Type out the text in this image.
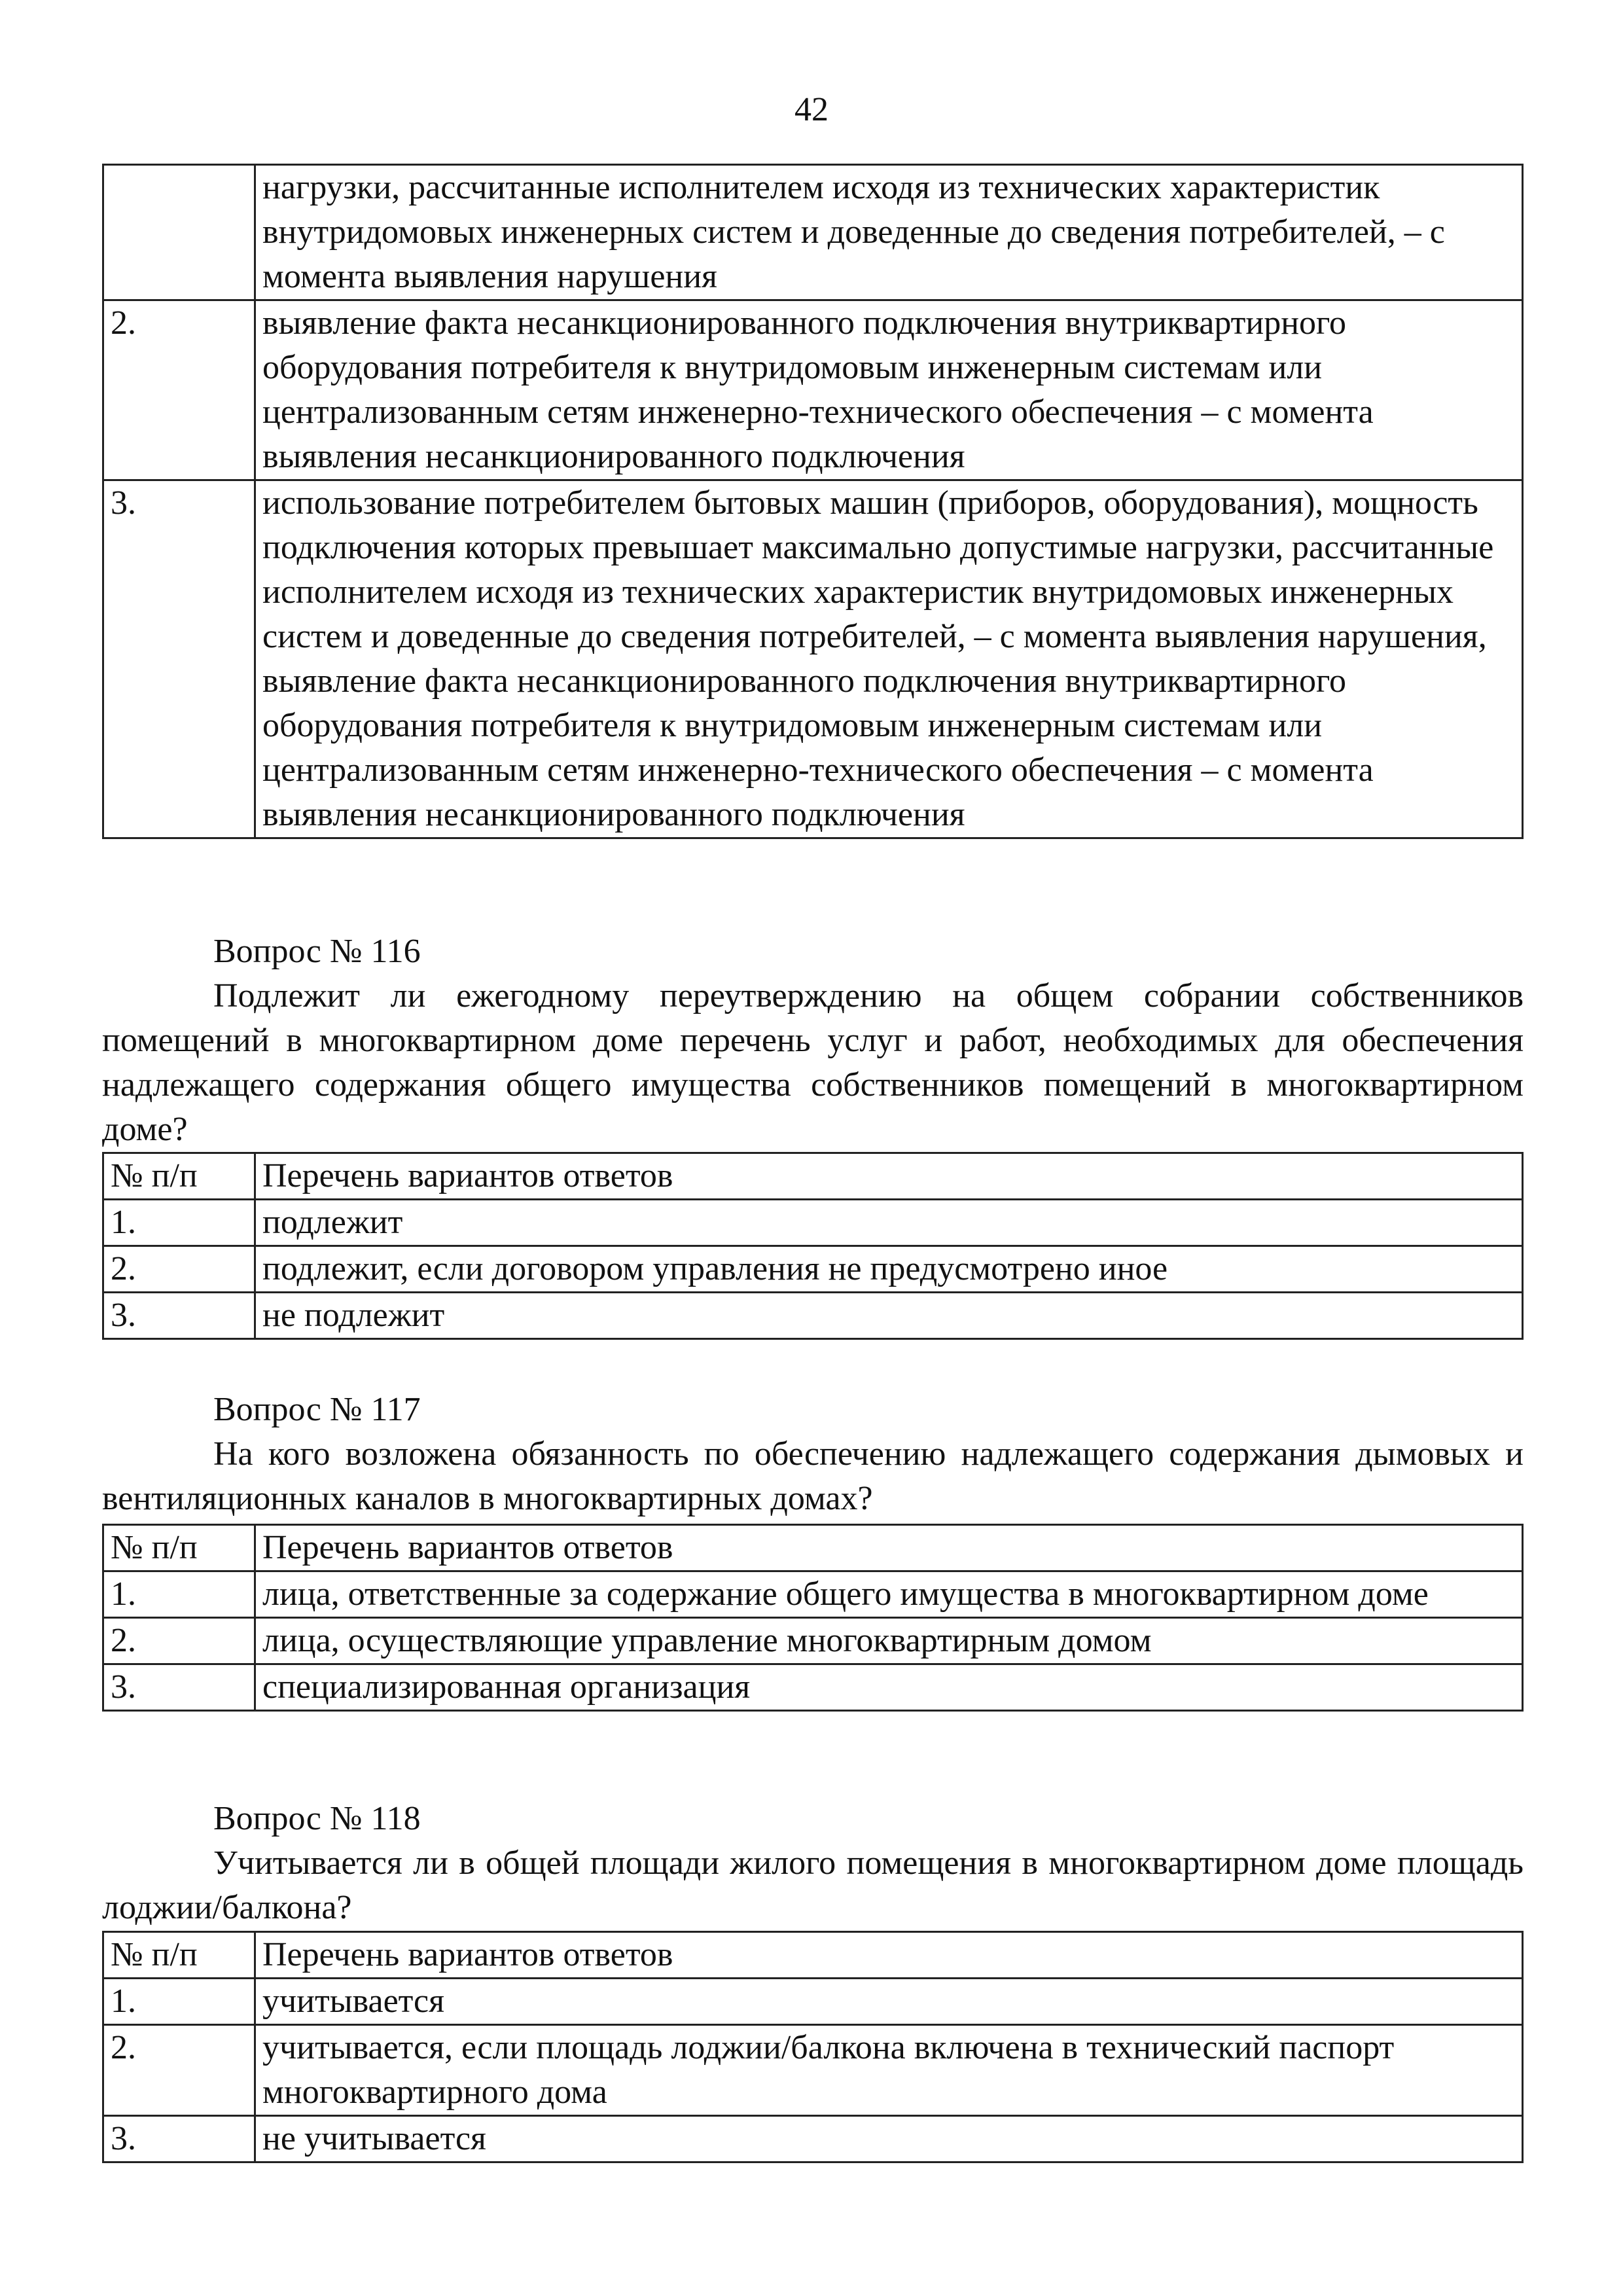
42
	нагрузки, рассчитанные исполнителем исходя из технических характеристик внутридомовых инженерных систем и доведенные до сведения потребителей, – с момента выявления нарушения
2.	выявление факта несанкционированного подключения внутриквартирного оборудования потребителя к внутридомовым инженерным системам или централизованным сетям инженерно-технического обеспечения – с момента выявления несанкционированного подключения
3.	использование потребителем бытовых машин (приборов, оборудования), мощность подключения которых превышает максимально допустимые нагрузки, рассчитанные исполнителем исходя из технических характеристик внутридомовых инженерных систем и доведенные до сведения потребителей, – с момента выявления нарушения, выявление факта несанкционированного подключения внутриквартирного оборудования потребителя к внутридомовым инженерным системам или централизованным сетям инженерно-технического обеспечения – с момента выявления несанкционированного подключения
Вопрос № 116

Подлежит ли ежегодному переутверждению на общем собрании собственников помещений в многоквартирном доме перечень услуг и работ, необходимых для обеспечения надлежащего содержания общего имущества собственников помещений в многоквартирном доме?

№ п/п	Перечень вариантов ответов
1.	подлежит
2.	подлежит, если договором управления не предусмотрено иное
3.	не подлежит
Вопрос № 117

На кого возложена обязанность по обеспечению надлежащего содержания дымовых и вентиляционных каналов в многоквартирных домах?

№ п/п	Перечень вариантов ответов
1.	лица, ответственные за содержание общего имущества в многоквартирном доме
2.	лица, осуществляющие управление многоквартирным домом
3.	специализированная организация
Вопрос № 118

Учитывается ли в общей площади жилого помещения в многоквартирном доме площадь лоджии/балкона?

№ п/п	Перечень вариантов ответов
1.	учитывается
2.	учитывается, если площадь лоджии/балкона включена в технический паспорт многоквартирного дома
3.	не учитывается
